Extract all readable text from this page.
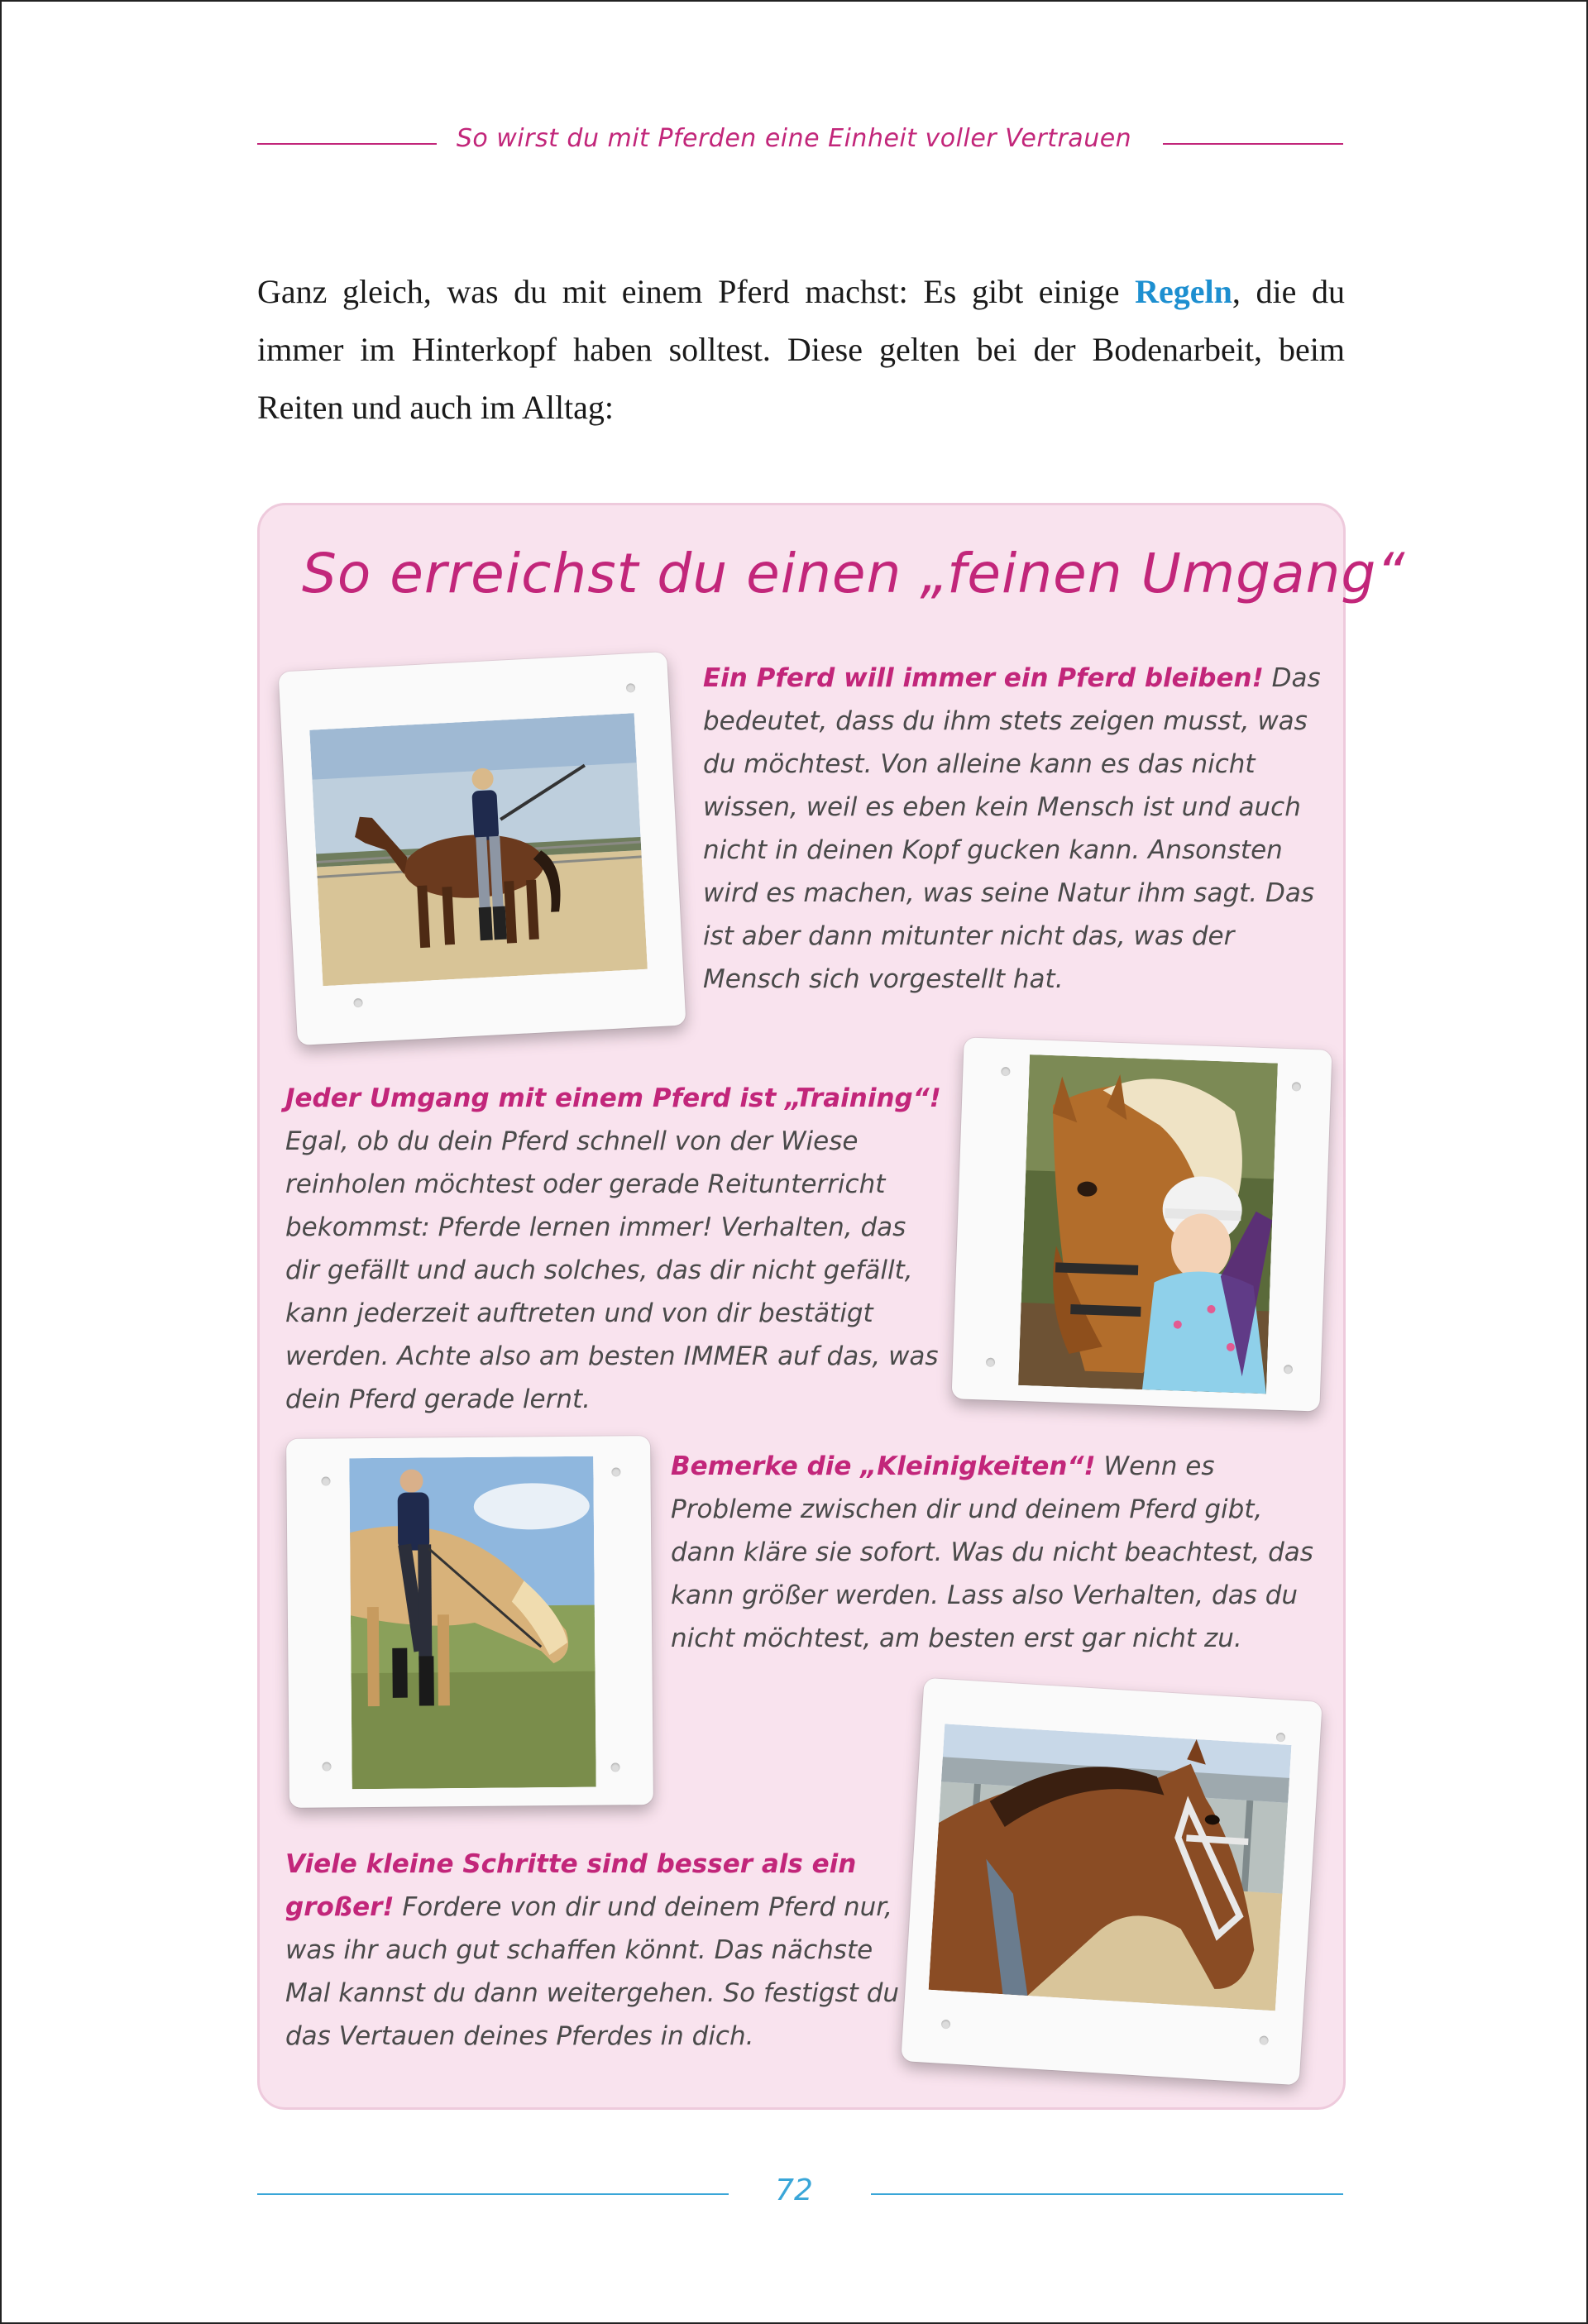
So wirst du mit Pferden eine Einheit voller Vertrauen

Ganz gleich, was du mit einem Pferd machst: Es gibt einige Regeln, die du immer im Hinterkopf haben solltest. Diese gelten bei der Bodenarbeit, beim Reiten und auch im Alltag:

So erreichst du einen „feinen Umgang“
Ein Pferd will immer ein Pferd bleiben! Das bedeutet, dass du ihm stets zeigen musst, was du möchtest. Von alleine kann es das nicht wissen, weil es eben kein Mensch ist und auch nicht in deinen Kopf gucken kann. Ansonsten wird es machen, was seine Natur ihm sagt. Das ist aber dann mitunter nicht das, was der Mensch sich vorgestellt hat.
Jeder Umgang mit einem Pferd ist „Training“! Egal, ob du dein Pferd schnell von der Wiese reinholen möchtest oder gerade Reitunterricht bekommst: Pferde lernen immer! Verhalten, das dir gefällt und auch solches, das dir nicht gefällt, kann jederzeit auftreten und von dir bestätigt werden. Achte also am besten IMMER auf das, was dein Pferd gerade lernt.
Bemerke die „Kleinigkeiten“! Wenn es Probleme zwischen dir und deinem Pferd gibt, dann kläre sie sofort. Was du nicht beachtest, das kann größer werden. Lass also Verhalten, das du nicht möchtest, am besten erst gar nicht zu.
Viele kleine Schritte sind besser als ein großer! Fordere von dir und deinem Pferd nur, was ihr auch gut schaffen könnt. Das nächste Mal kannst du dann weitergehen. So festigst du das Vertauen deines Pferdes in dich.
72
